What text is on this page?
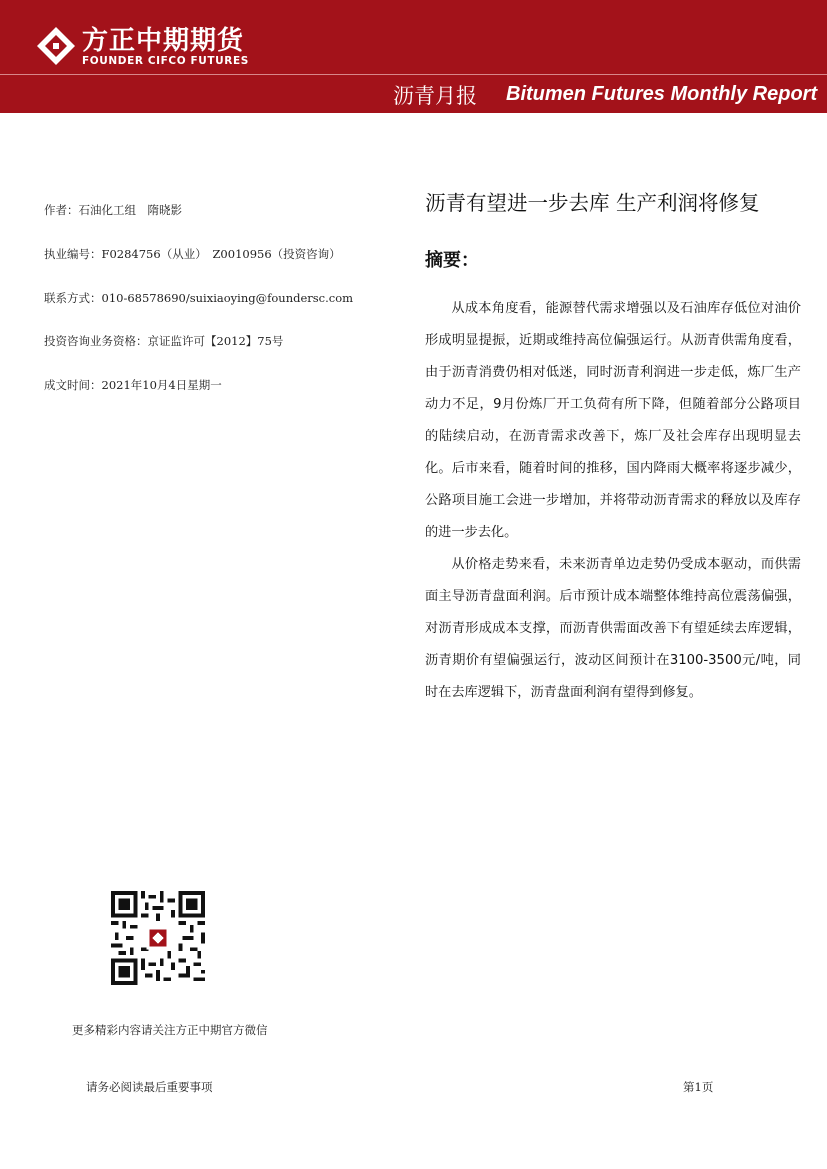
方正中期期货
FOUNDER CIFCO FUTURES
沥青月报 Bitumen Futures Monthly Report
作者：石油化工组　隋晓影
执业编号：F0284756（从业）　Z0010956（投资咨询）
联系方式：010-68578690/suixiaoying@foundersc.com
投资咨询业务资格：京证监许可【2012】75号
成文时间：2021年10月4日星期一
沥青有望进一步去库 生产利润将修复
摘要：

从成本角度看，能源替代需求增强以及石油库存低位对油价形成明显提振，近期或维持高位偏强运行。从沥青供需角度看，由于沥青消费仍相对低迷，同时沥青利润进一步走低，炼厂生产动力不足，9月份炼厂开工负荷有所下降，但随着部分公路项目的陆续启动，在沥青需求改善下，炼厂及社会库存出现明显去化。后市来看，随着时间的推移，国内降雨大概率将逐步减少，公路项目施工会进一步增加，并将带动沥青需求的释放以及库存的进一步去化。

从价格走势来看，未来沥青单边走势仍受成本驱动，而供需面主导沥青盘面利润。后市预计成本端整体维持高位震荡偏强，对沥青形成成本支撑，而沥青供需面改善下有望延续去库逻辑，沥青期价有望偏强运行，波动区间预计在3100-3500元/吨，同时在去库逻辑下，沥青盘面利润有望得到修复。

更多精彩内容请关注方正中期官方微信
请务必阅读最后重要事项	第1页
